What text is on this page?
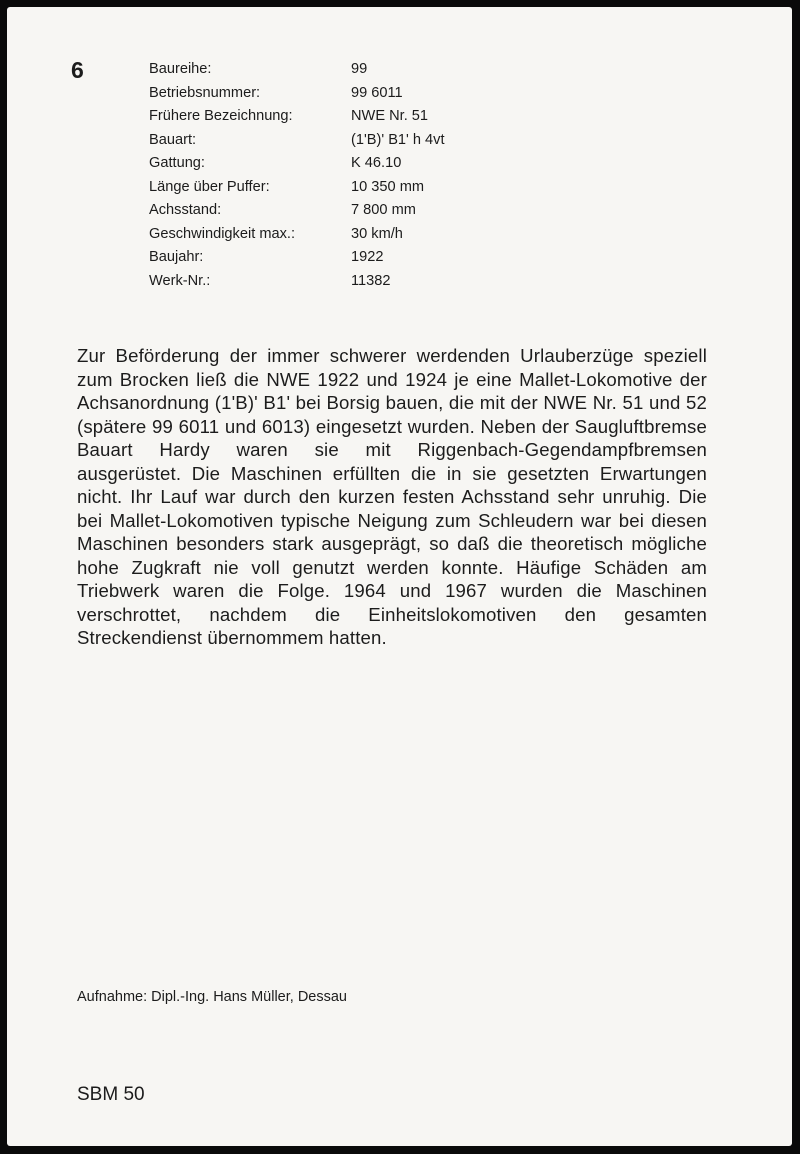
6	Baureihe:	99
Betriebsnummer:	99 6011
Frühere Bezeichnung:	NWE Nr. 51
Bauart:	(1'B)' B1' h 4vt
Gattung:	K 46.10
Länge über Puffer:	10 350 mm
Achsstand:	7 800 mm
Geschwindigkeit max.:	30 km/h
Baujahr:	1922
Werk-Nr.:	11382

Zur Beförderung der immer schwerer werdenden Urlauberzüge speziell zum Brocken ließ die NWE 1922 und 1924 je eine Mallet-Lokomotive der Achsanordnung (1'B)' B1' bei Borsig bauen, die mit der NWE Nr. 51 und 52 (spätere 99 6011 und 6013) eingesetzt wurden. Neben der Saugluftbremse Bauart Hardy waren sie mit Riggenbach-Gegendampfbremsen ausgerüstet. Die Maschinen erfüllten die in sie gesetzten Erwartungen nicht. Ihr Lauf war durch den kurzen festen Achsstand sehr unruhig. Die bei Mallet-Lokomotiven typische Neigung zum Schleudern war bei diesen Maschinen besonders stark ausgeprägt, so daß die theoretisch mögliche hohe Zugkraft nie voll genutzt werden konnte. Häufige Schäden am Triebwerk waren die Folge. 1964 und 1967 wurden die Maschinen verschrottet, nachdem die Einheitslokomotiven den gesamten Streckendienst übernommem hatten.

Aufnahme: Dipl.-Ing. Hans Müller, Dessau
SBM 50
